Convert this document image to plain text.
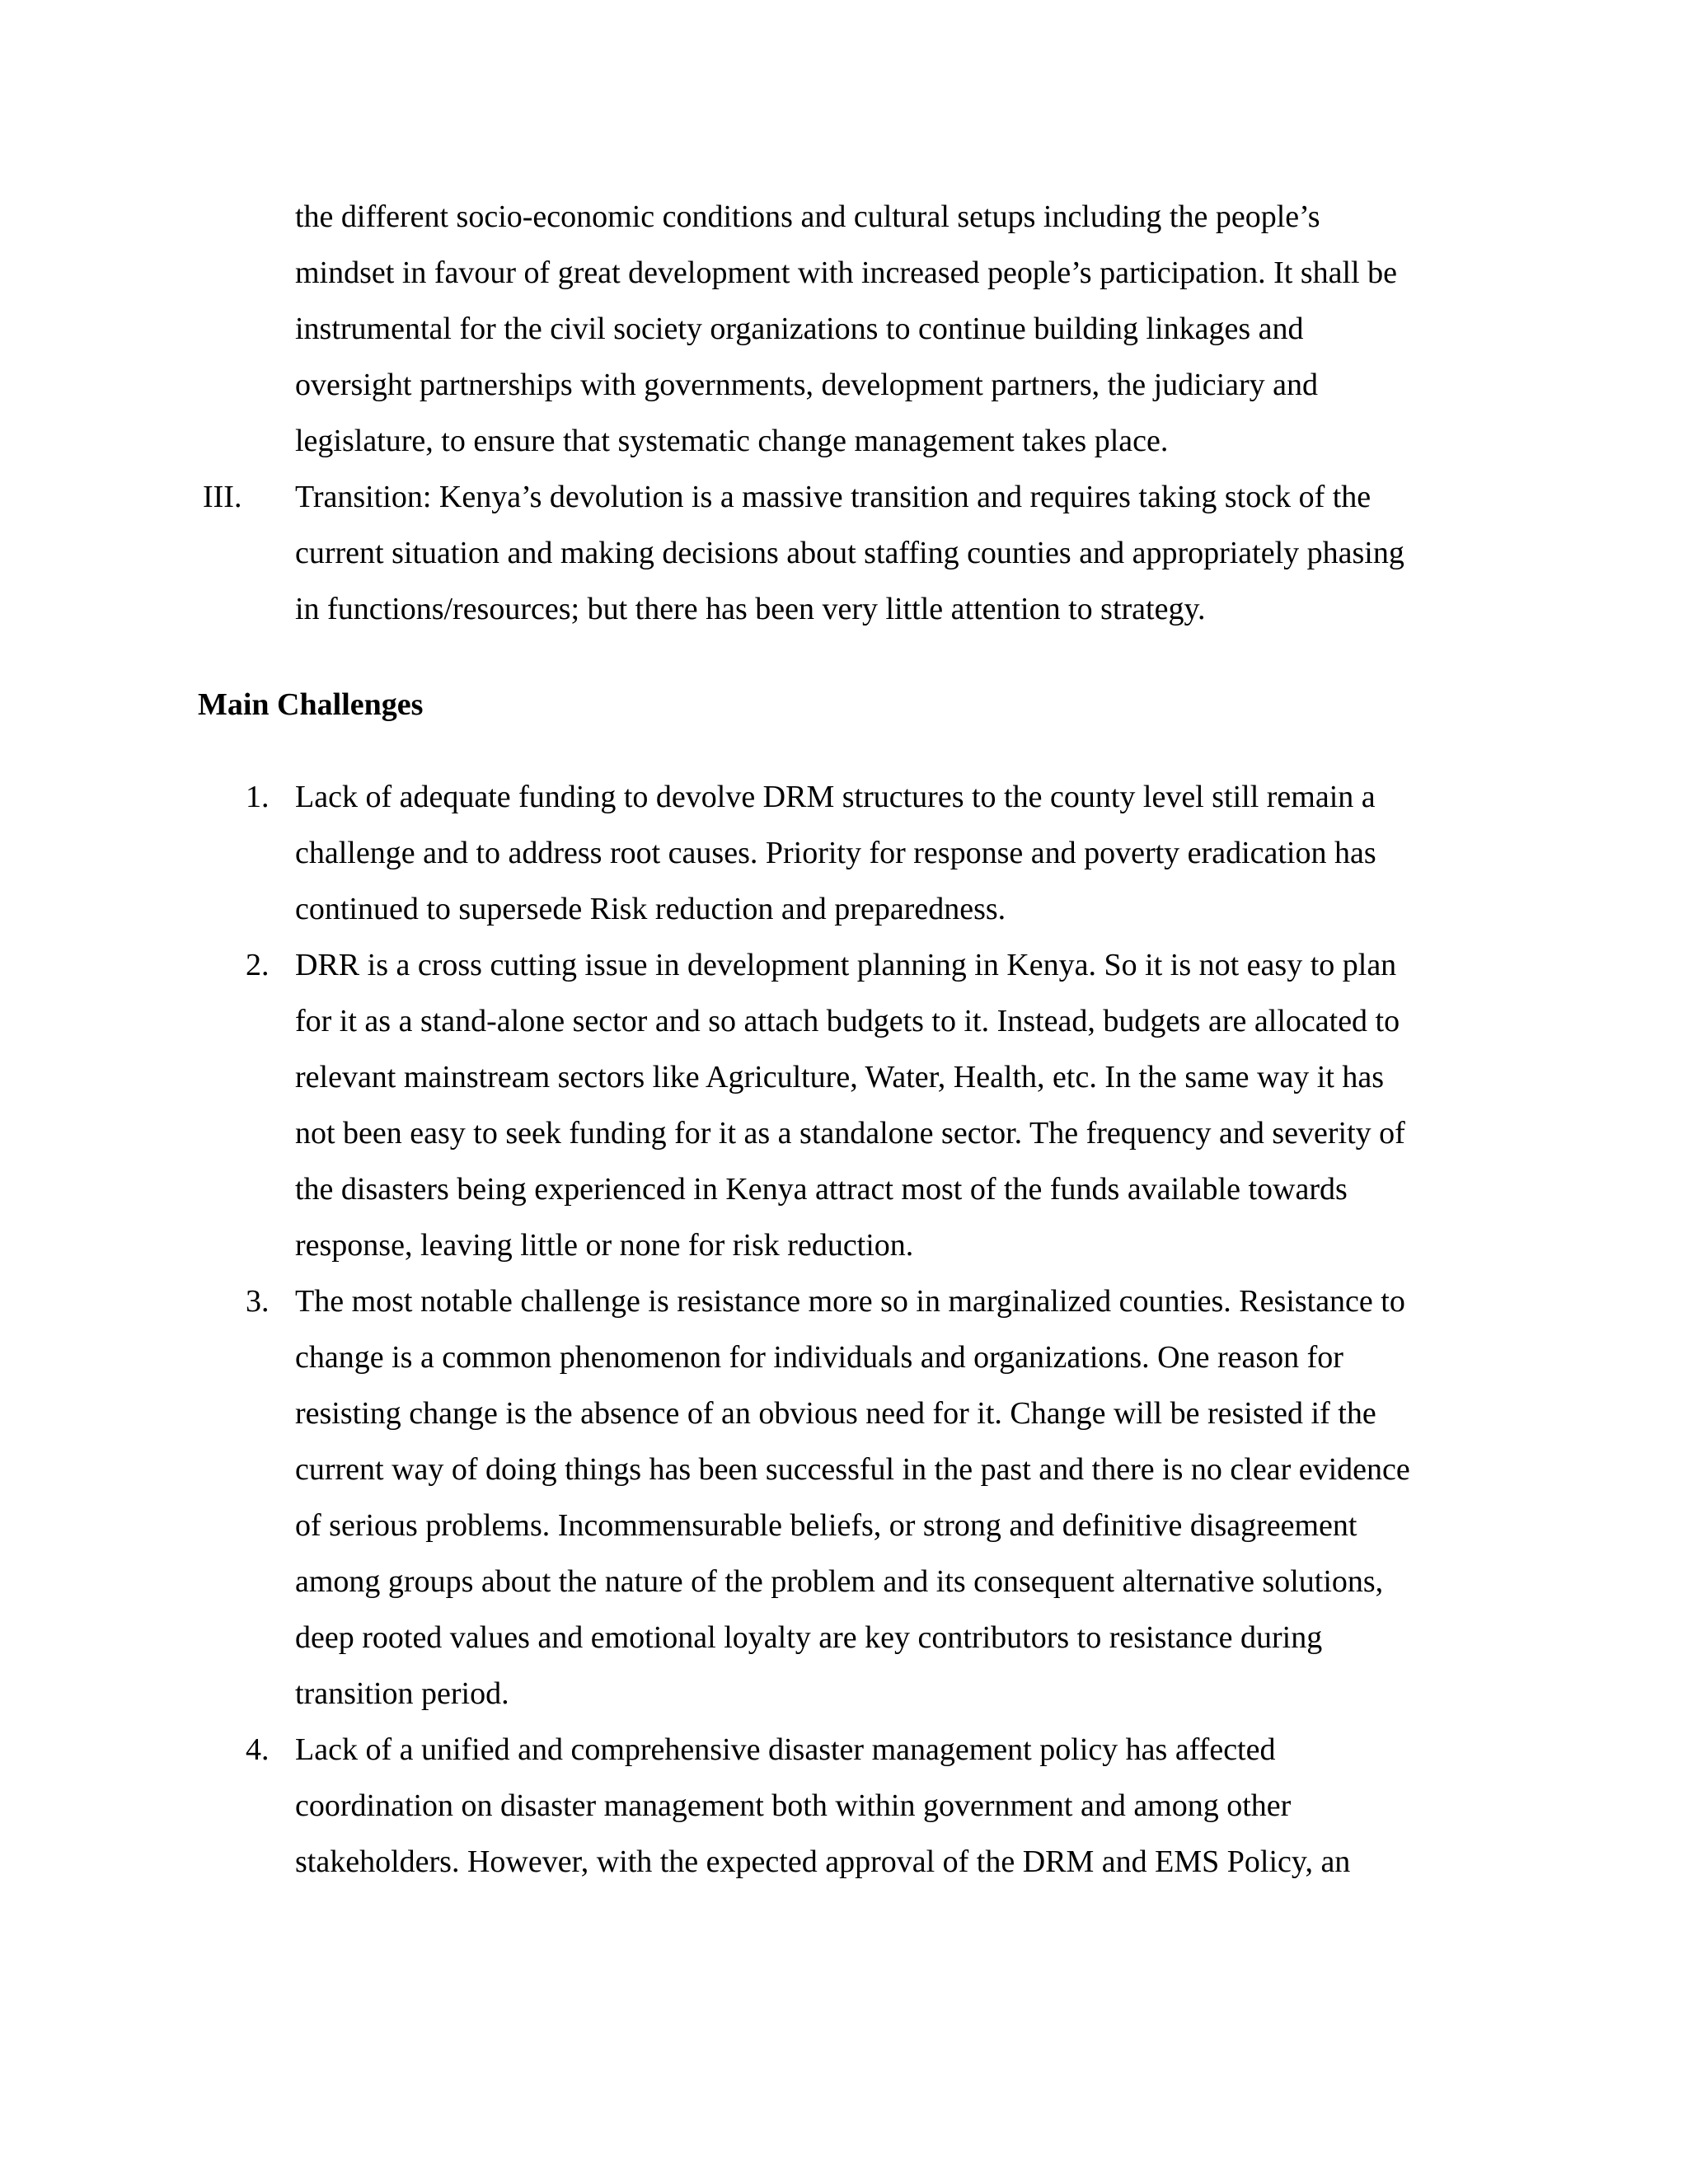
the different socio-economic conditions and cultural setups including the people’s
mindset in favour of great development with increased people’s participation. It shall be
instrumental for the civil society organizations to continue building linkages and
oversight partnerships with governments, development partners, the judiciary and
legislature, to ensure that systematic change management takes place.
III. Transition: Kenya’s devolution is a massive transition and requires taking stock of the
current situation and making decisions about staffing counties and appropriately phasing
in functions/resources; but there has been very little attention to strategy.
Main Challenges
1. Lack of adequate funding to devolve DRM structures to the county level still remain a
challenge and to address root causes. Priority for response and poverty eradication has
continued to supersede Risk reduction and preparedness.
2. DRR is a cross cutting issue in development planning in Kenya. So it is not easy to plan
for it as a stand-alone sector and so attach budgets to it. Instead, budgets are allocated to
relevant mainstream sectors like Agriculture, Water, Health, etc. In the same way it has
not been easy to seek funding for it as a standalone sector. The frequency and severity of
the disasters being experienced in Kenya attract most of the funds available towards
response, leaving little or none for risk reduction.
3. The most notable challenge is resistance more so in marginalized counties. Resistance to
change is a common phenomenon for individuals and organizations. One reason for
resisting change is the absence of an obvious need for it. Change will be resisted if the
current way of doing things has been successful in the past and there is no clear evidence
of serious problems. Incommensurable beliefs, or strong and definitive disagreement
among groups about the nature of the problem and its consequent alternative solutions,
deep rooted values and emotional loyalty are key contributors to resistance during
transition period.
4. Lack of a unified and comprehensive disaster management policy has affected
coordination on disaster management both within government and among other
stakeholders. However, with the expected approval of the DRM and EMS Policy, an
